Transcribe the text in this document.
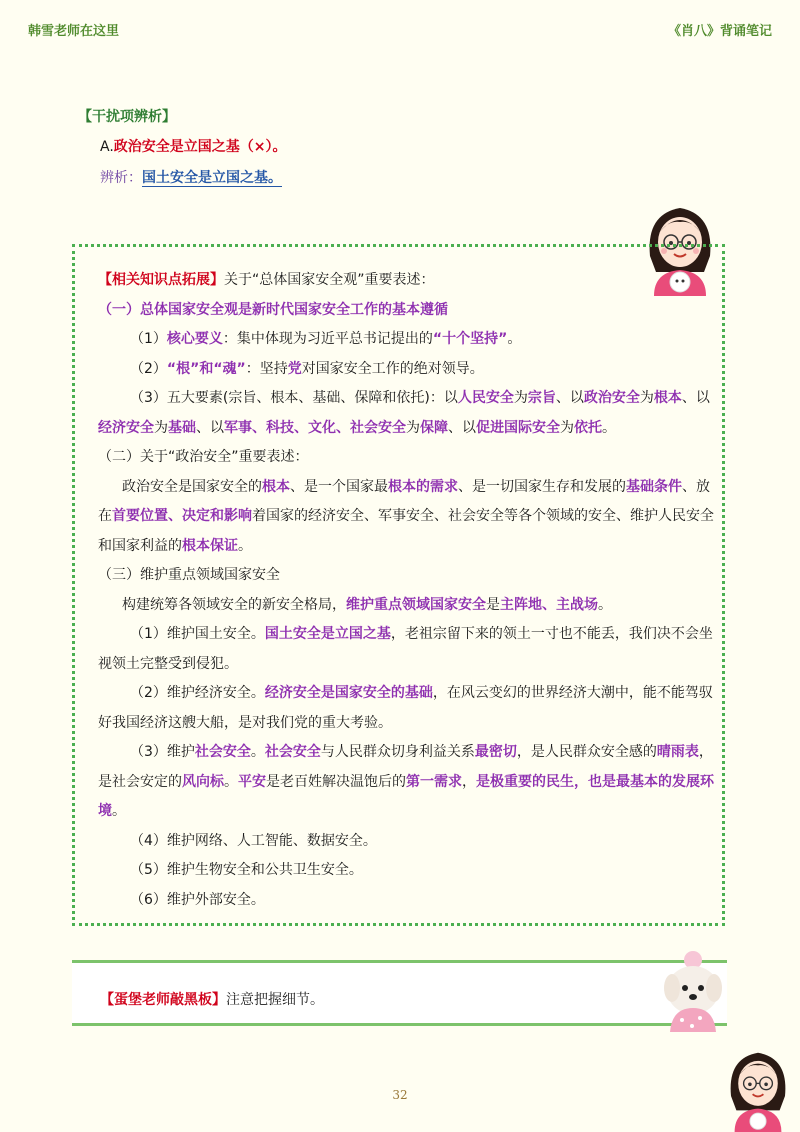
韩雪老师在这里	《肖八》背诵笔记
【干扰项辨析】
A.政治安全是立国之基（×）。
辨析：国土安全是立国之基。

【相关知识点拓展】关于“总体国家安全观”重要表述：

（一）总体国家安全观是新时代国家安全工作的基本遵循

（1）核心要义：集中体现为习近平总书记提出的“十个坚持”。

（2）“根”和“魂”：坚持党对国家安全工作的绝对领导。

（3）五大要素(宗旨、根本、基础、保障和依托)：以人民安全为宗旨、以政治安全为根本、以经济安全为基础、以军事、科技、文化、社会安全为保障、以促进国际安全为依托。

（二）关于“政治安全”重要表述：

政治安全是国家安全的根本、是一个国家最根本的需求、是一切国家生存和发展的基础条件、放在首要位置、决定和影响着国家的经济安全、军事安全、社会安全等各个领域的安全、维护人民安全和国家利益的根本保证。

（三）维护重点领域国家安全

构建统筹各领域安全的新安全格局，维护重点领域国家安全是主阵地、主战场。

（1）维护国土安全。国土安全是立国之基，老祖宗留下来的领土一寸也不能丢，我们决不会坐视领土完整受到侵犯。

（2）维护经济安全。经济安全是国家安全的基础，在风云变幻的世界经济大潮中，能不能驾驭好我国经济这艘大船，是对我们党的重大考验。

（3）维护社会安全。社会安全与人民群众切身利益关系最密切，是人民群众安全感的晴雨表，是社会安定的风向标。平安是老百姓解决温饱后的第一需求，是极重要的民生，也是最基本的发展环境。

（4）维护网络、人工智能、数据安全。

（5）维护生物安全和公共卫生安全。

（6）维护外部安全。

【蛋堡老师敲黑板】注意把握细节。
32
